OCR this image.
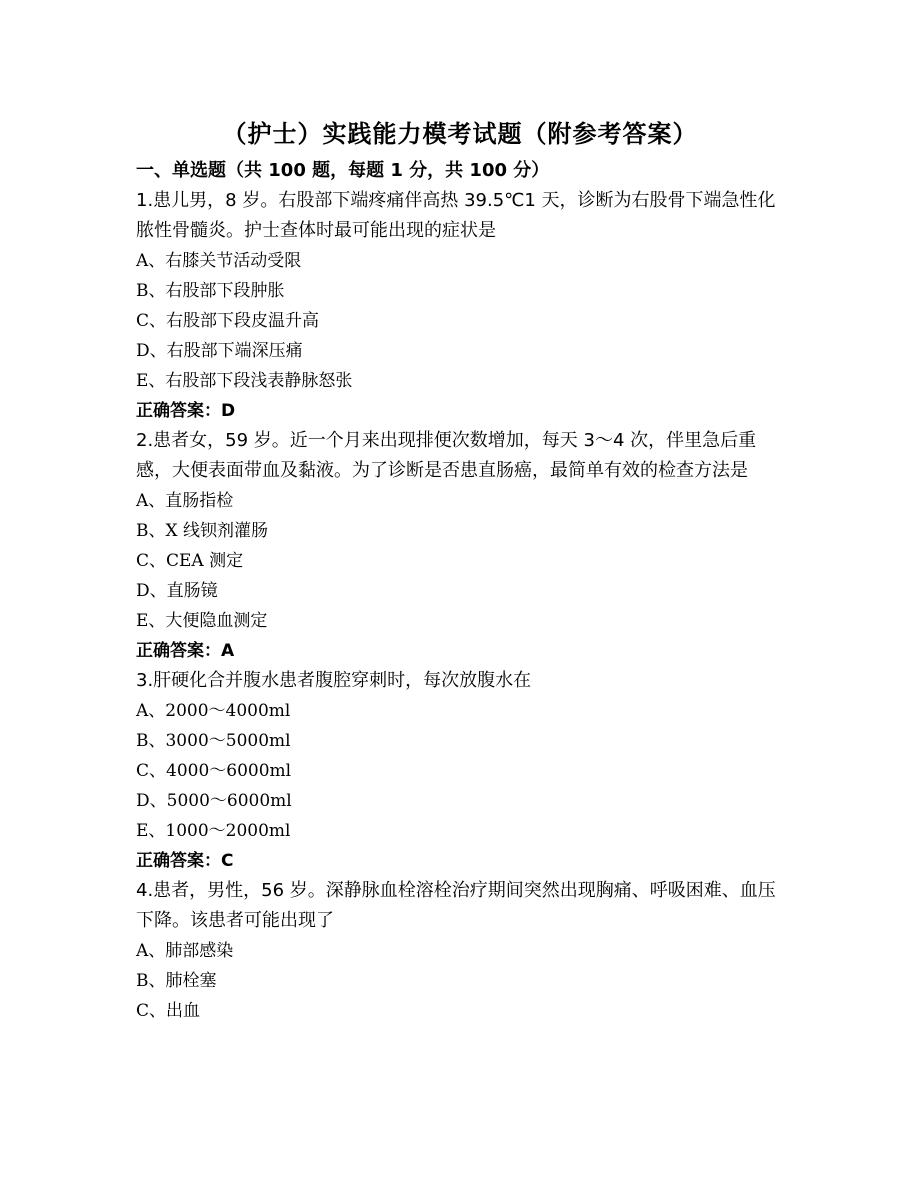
（护士）实践能力模考试题（附参考答案）
一、单选题（共 100 题，每题 1 分，共 100 分）
1.患儿男，8 岁。右股部下端疼痛伴高热 39.5℃1 天，诊断为右股骨下端急性化脓性骨髓炎。护士查体时最可能出现的症状是
A、右膝关节活动受限
B、右股部下段肿胀
C、右股部下段皮温升高
D、右股部下端深压痛
E、右股部下段浅表静脉怒张
正确答案：D
2.患者女，59 岁。近一个月来出现排便次数增加，每天 3～4 次，伴里急后重感，大便表面带血及黏液。为了诊断是否患直肠癌，最简单有效的检查方法是
A、直肠指检
B、X 线钡剂灌肠
C、CEA 测定
D、直肠镜
E、大便隐血测定
正确答案：A
3.肝硬化合并腹水患者腹腔穿刺时，每次放腹水在
A、2000～4000ml
B、3000～5000ml
C、4000～6000ml
D、5000～6000ml
E、1000～2000ml
正确答案：C
4.患者，男性，56 岁。深静脉血栓溶栓治疗期间突然出现胸痛、呼吸困难、血压下降。该患者可能出现了
A、肺部感染
B、肺栓塞
C、出血
